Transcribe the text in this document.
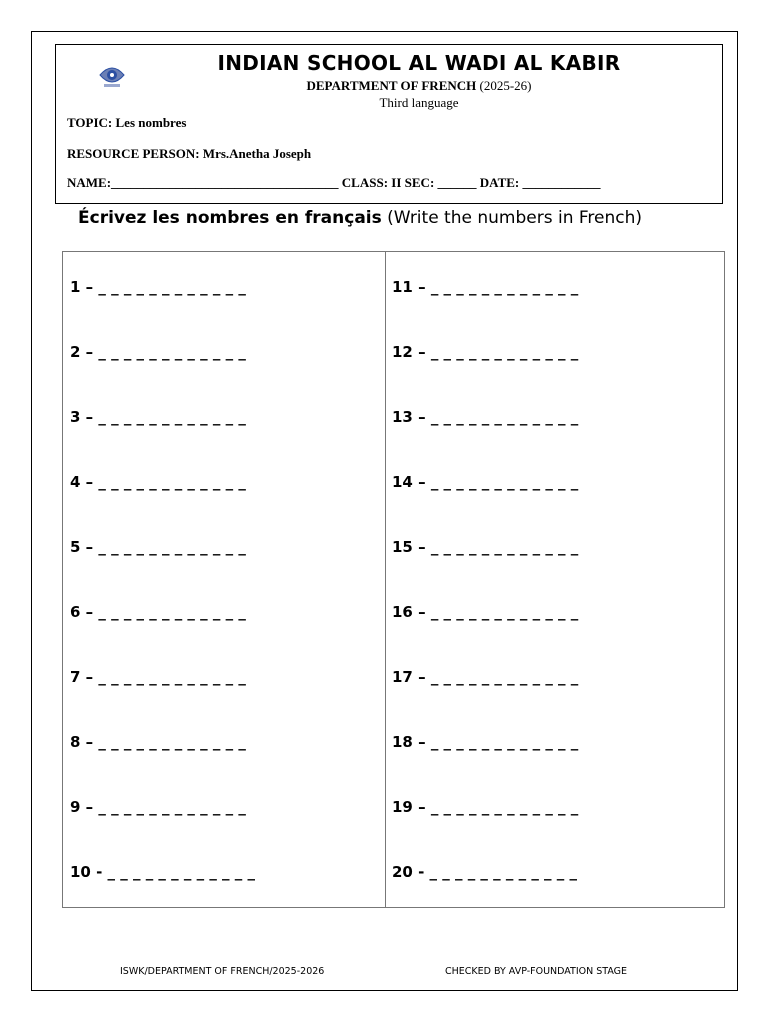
INDIAN SCHOOL AL WADI AL KABIR
DEPARTMENT OF FRENCH (2025-26)
Third language
TOPIC: Les nombres
RESOURCE PERSON: Mrs.Anetha Joseph
NAME:___________________________________ CLASS: II SEC: ______ DATE: ____________
Écrivez les nombres en français (Write the numbers in French)
1 – _ _ _ _ _ _ _ _ _ _ _ _
2 – _ _ _ _ _ _ _ _ _ _ _ _
3 – _ _ _ _ _ _ _ _ _ _ _ _
4 – _ _ _ _ _ _ _ _ _ _ _ _
5 – _ _ _ _ _ _ _ _ _ _ _ _
6 – _ _ _ _ _ _ _ _ _ _ _ _
7 – _ _ _ _ _ _ _ _ _ _ _ _
8 – _ _ _ _ _ _ _ _ _ _ _ _
9 – _ _ _ _ _ _ _ _ _ _ _ _
10 - _ _ _ _ _ _ _ _ _ _ _ _
11 – _ _ _ _ _ _ _ _ _ _ _ _
12 – _ _ _ _ _ _ _ _ _ _ _ _
13 – _ _ _ _ _ _ _ _ _ _ _ _
14 – _ _ _ _ _ _ _ _ _ _ _ _
15 – _ _ _ _ _ _ _ _ _ _ _ _
16 – _ _ _ _ _ _ _ _ _ _ _ _
17 – _ _ _ _ _ _ _ _ _ _ _ _
18 – _ _ _ _ _ _ _ _ _ _ _ _
19 – _ _ _ _ _ _ _ _ _ _ _ _
20 - _ _ _ _ _ _ _ _ _ _ _ _
ISWK/DEPARTMENT OF FRENCH/2025-2026	CHECKED BY AVP-FOUNDATION STAGE
